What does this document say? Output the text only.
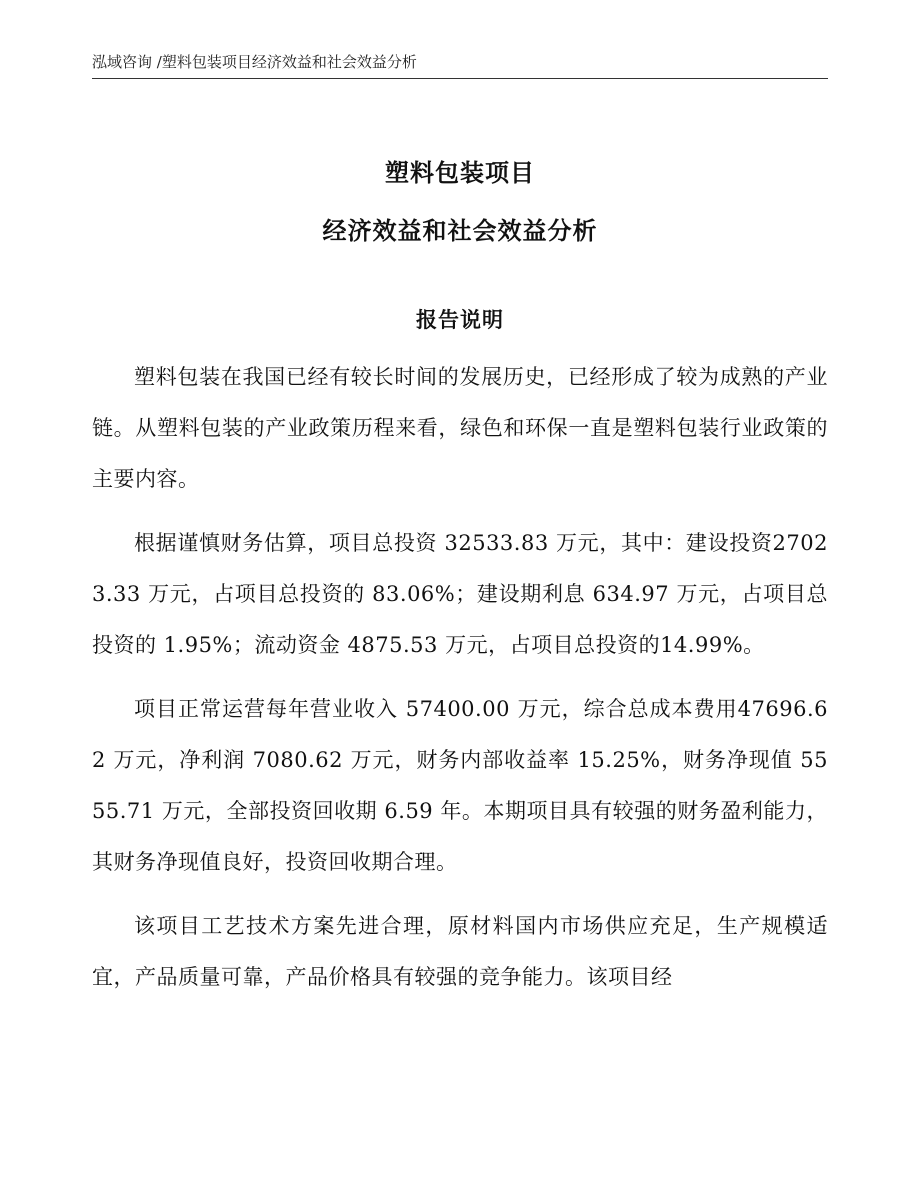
泓域咨询 /塑料包装项目经济效益和社会效益分析
塑料包装项目
经济效益和社会效益分析
报告说明

塑料包装在我国已经有较长时间的发展历史，已经形成了较为成熟的产业链。从塑料包装的产业政策历程来看，绿色和环保一直是塑料包装行业政策的主要内容。

根据谨慎财务估算，项目总投资 32533.83 万元，其中：建设投资27023.33 万元，占项目总投资的 83.06%；建设期利息 634.97 万元，占项目总投资的 1.95%；流动资金 4875.53 万元，占项目总投资的14.99%。

项目正常运营每年营业收入 57400.00 万元，综合总成本费用47696.62 万元，净利润 7080.62 万元，财务内部收益率 15.25%，财务净现值 5555.71 万元，全部投资回收期 6.59 年。本期项目具有较强的财务盈利能力，其财务净现值良好，投资回收期合理。

该项目工艺技术方案先进合理，原材料国内市场供应充足，生产规模适宜，产品质量可靠，产品价格具有较强的竞争能力。该项目经
